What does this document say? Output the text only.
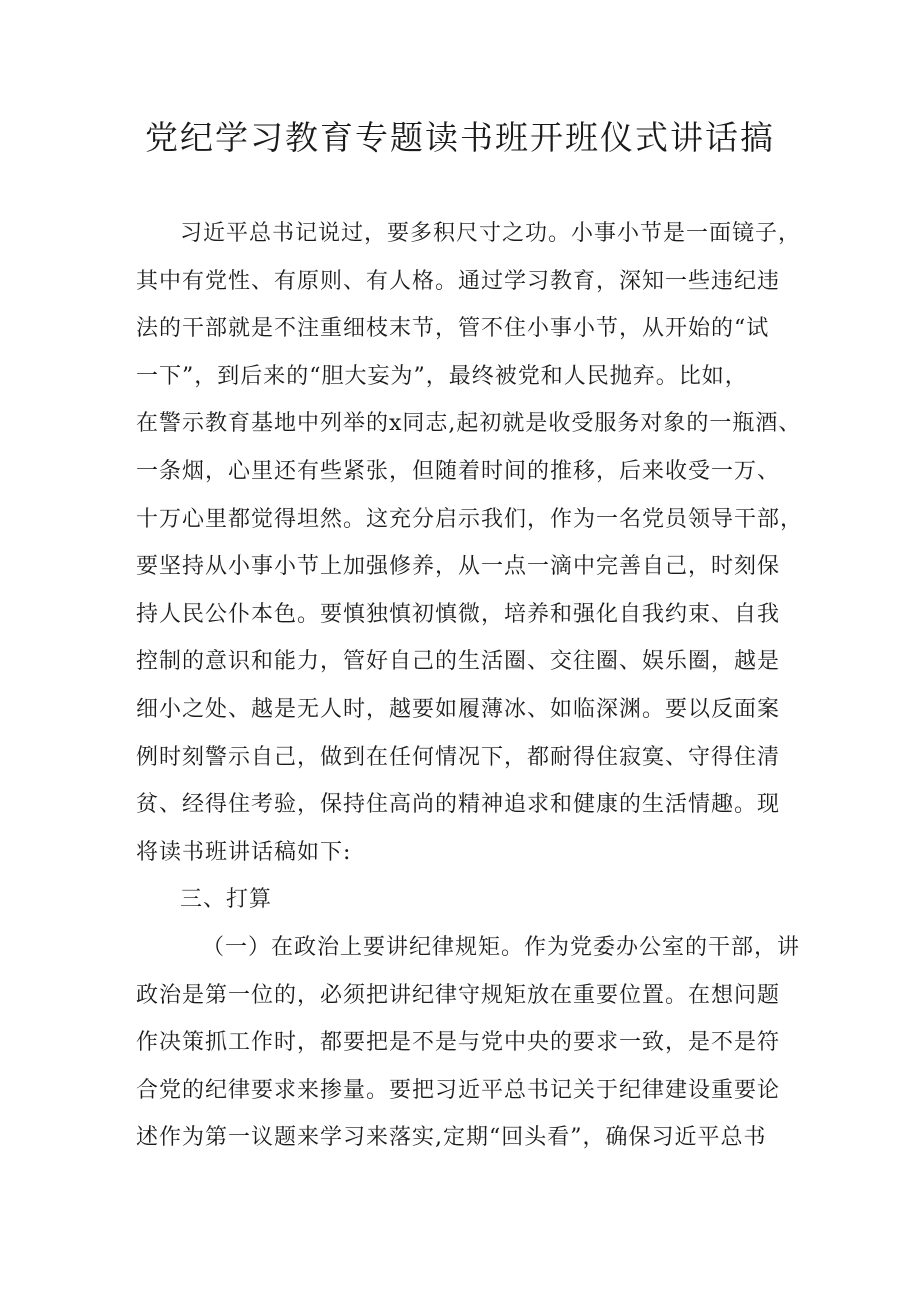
党纪学习教育专题读书班开班仪式讲话搞
习近平总书记说过，要多积尺寸之功。小事小节是一面镜子，
其中有党性、有原则、有人格。通过学习教育，深知一些违纪违
法的干部就是不注重细枝末节，管不住小事小节，从开始的“试
一下”，到后来的“胆大妄为”，最终被党和人民抛弃。比如，
在警示教育基地中列举的x同志,起初就是收受服务对象的一瓶酒、
一条烟，心里还有些紧张，但随着时间的推移，后来收受一万、
十万心里都觉得坦然。这充分启示我们，作为一名党员领导干部，
要坚持从小事小节上加强修养，从一点一滴中完善自己，时刻保
持人民公仆本色。要慎独慎初慎微，培养和强化自我约束、自我
控制的意识和能力，管好自己的生活圈、交往圈、娱乐圈，越是
细小之处、越是无人时，越要如履薄冰、如临深渊。要以反面案
例时刻警示自己，做到在任何情况下，都耐得住寂寞、守得住清
贫、经得住考验，保持住高尚的精神追求和健康的生活情趣。现
将读书班讲话稿如下:
三、打算
（一）在政治上要讲纪律规矩。作为党委办公室的干部，讲
政治是第一位的，必须把讲纪律守规矩放在重要位置。在想问题
作决策抓工作时，都要把是不是与党中央的要求一致，是不是符
合党的纪律要求来掺量。要把习近平总书记关于纪律建设重要论
述作为第一议题来学习来落实,定期“回头看”，确保习近平总书
